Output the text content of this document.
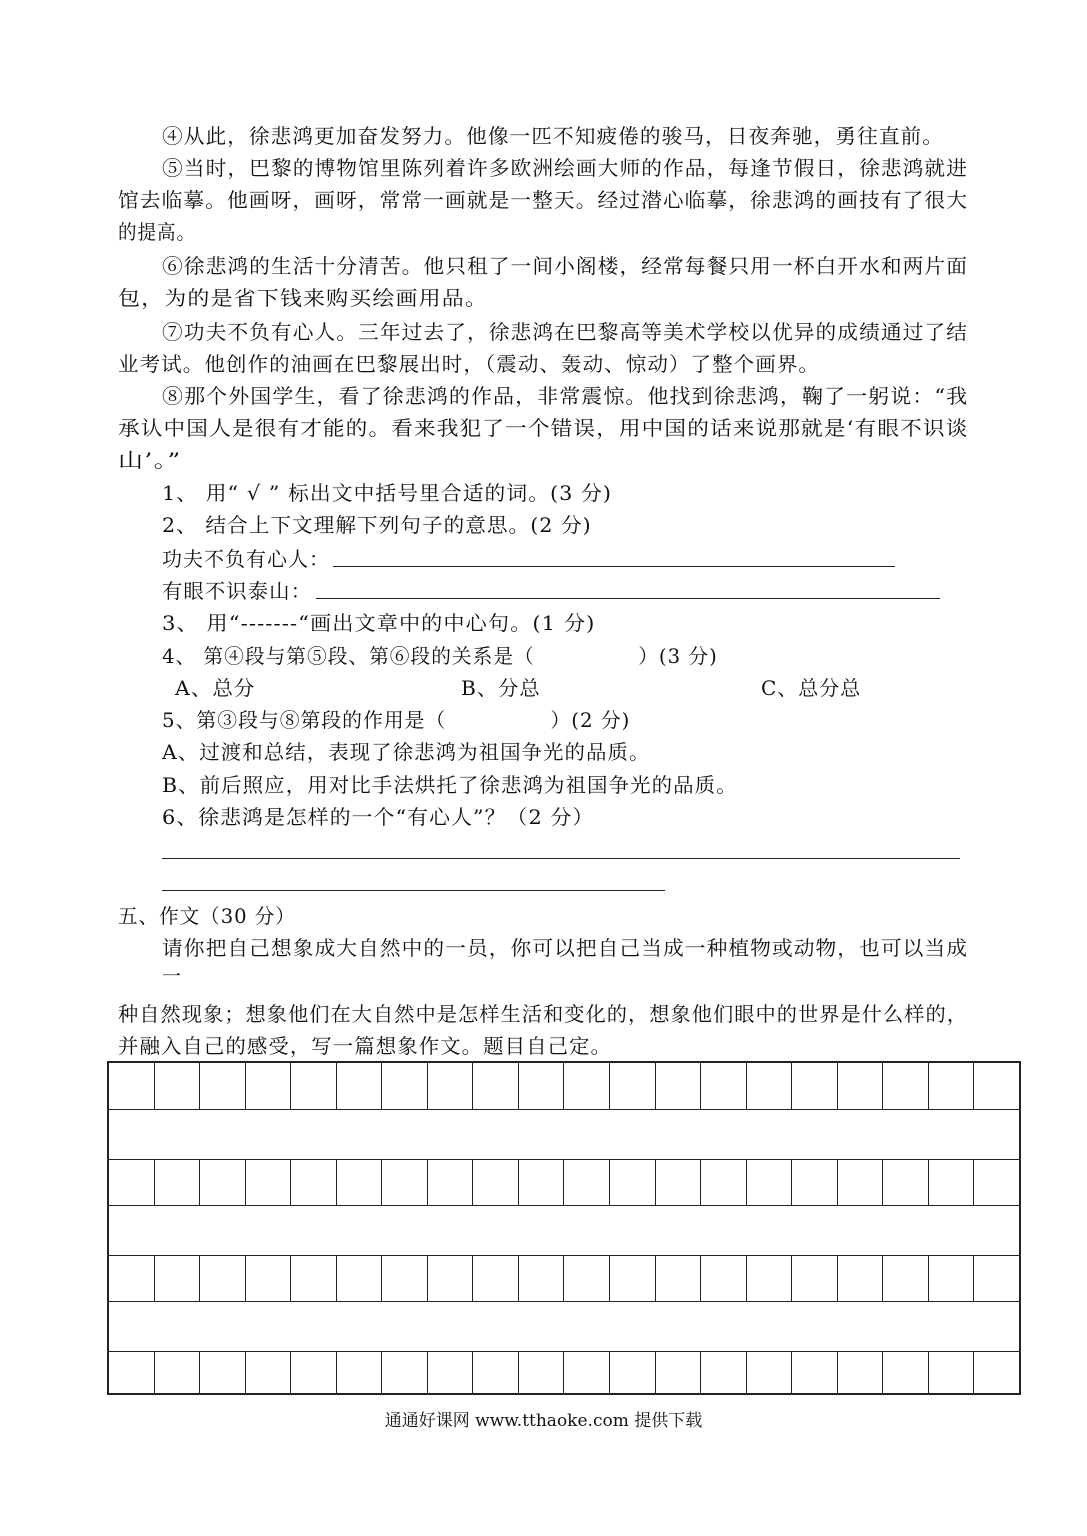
④从此，徐悲鸿更加奋发努力。他像一匹不知疲倦的骏马，日夜奔驰，勇往直前。
⑤当时，巴黎的博物馆里陈列着许多欧洲绘画大师的作品，每逢节假日，徐悲鸿就进
馆去临摹。他画呀，画呀，常常一画就是一整天。经过潜心临摹，徐悲鸿的画技有了很大
的提高。
⑥徐悲鸿的生活十分清苦。他只租了一间小阁楼，经常每餐只用一杯白开水和两片面
包，为的是省下钱来购买绘画用品。
⑦功夫不负有心人。三年过去了，徐悲鸿在巴黎高等美术学校以优异的成绩通过了结
业考试。他创作的油画在巴黎展出时，（震动、轰动、惊动）了整个画界。
⑧那个外国学生，看了徐悲鸿的作品，非常震惊。他找到徐悲鸿，鞠了一躬说：“我
承认中国人是很有才能的。看来我犯了一个错误，用中国的话来说那就是‘有眼不识谈
山’。”
1、 用“ √ ” 标出文中括号里合适的词。(3 分)
2、 结合上下文理解下列句子的意思。(2 分)
功夫不负有心人：
有眼不识泰山：
3、 用“-------“画出文章中的中心句。(1 分)
4、 第④段与第⑤段、第⑥段的关系是（　　　　　）(3 分)
A、总分	B、分总	C、总分总
5、第③段与⑧第段的作用是（　　　　　）(2 分)
A、过渡和总结，表现了徐悲鸿为祖国争光的品质。
B、前后照应，用对比手法烘托了徐悲鸿为祖国争光的品质。
6、徐悲鸿是怎样的一个“有心人”？（2 分）
五、作文（30 分）
请你把自己想象成大自然中的一员，你可以把自己当成一种植物或动物，也可以当成
一
种自然现象；想象他们在大自然中是怎样生活和变化的，想象他们眼中的世界是什么样的，
并融入自己的感受，写一篇想象作文。题目自己定。
通通好课网 www.tthaoke.com 提供下载
